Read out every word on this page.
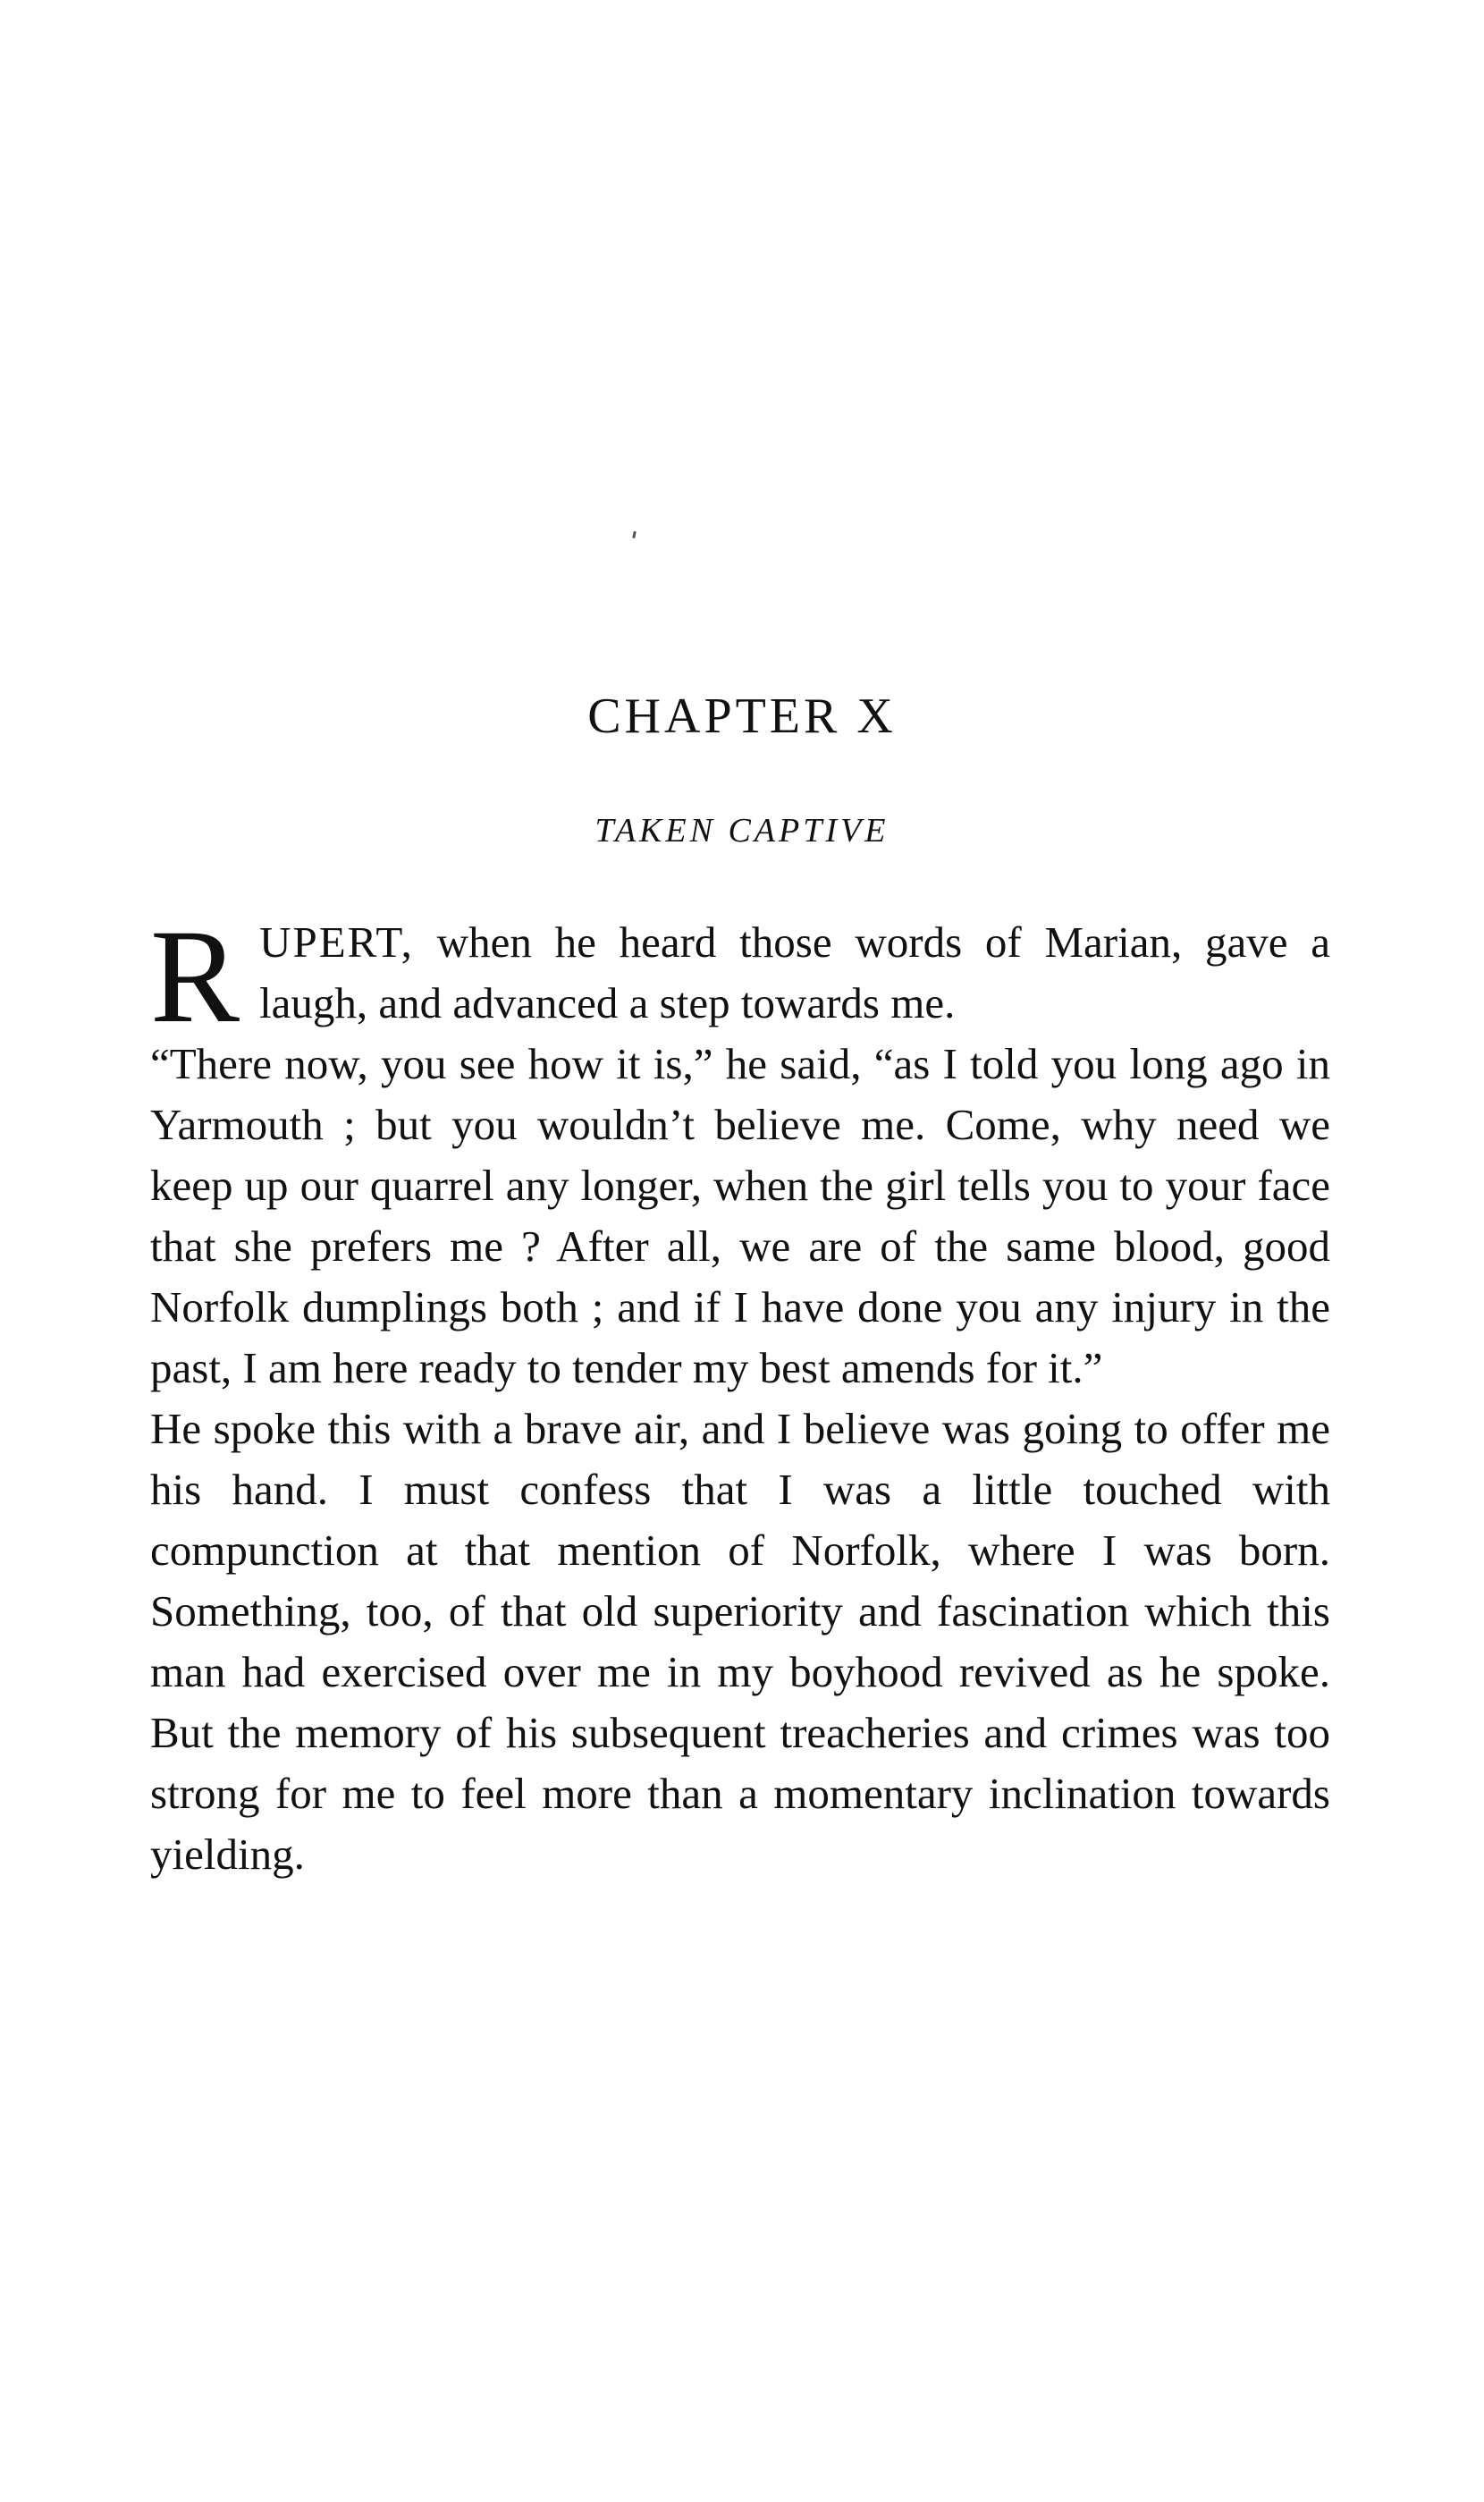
CHAPTER X
TAKEN CAPTIVE

RUPERT, when he heard those words of Marian, gave a laugh, and advanced a step towards me.

“There now, you see how it is,” he said, “as I told you long ago in Yarmouth ; but you wouldn’t believe me. Come, why need we keep up our quarrel any longer, when the girl tells you to your face that she prefers me ? After all, we are of the same blood, good Norfolk dumplings both ; and if I have done you any injury in the past, I am here ready to tender my best amends for it.”

He spoke this with a brave air, and I believe was going to offer me his hand. I must confess that I was a little touched with compunction at that mention of Norfolk, where I was born. Something, too, of that old superiority and fascination which this man had exercised over me in my boyhood revived as he spoke. But the memory of his subsequent treacheries and crimes was too strong for me to feel more than a momentary inclination towards yielding.
